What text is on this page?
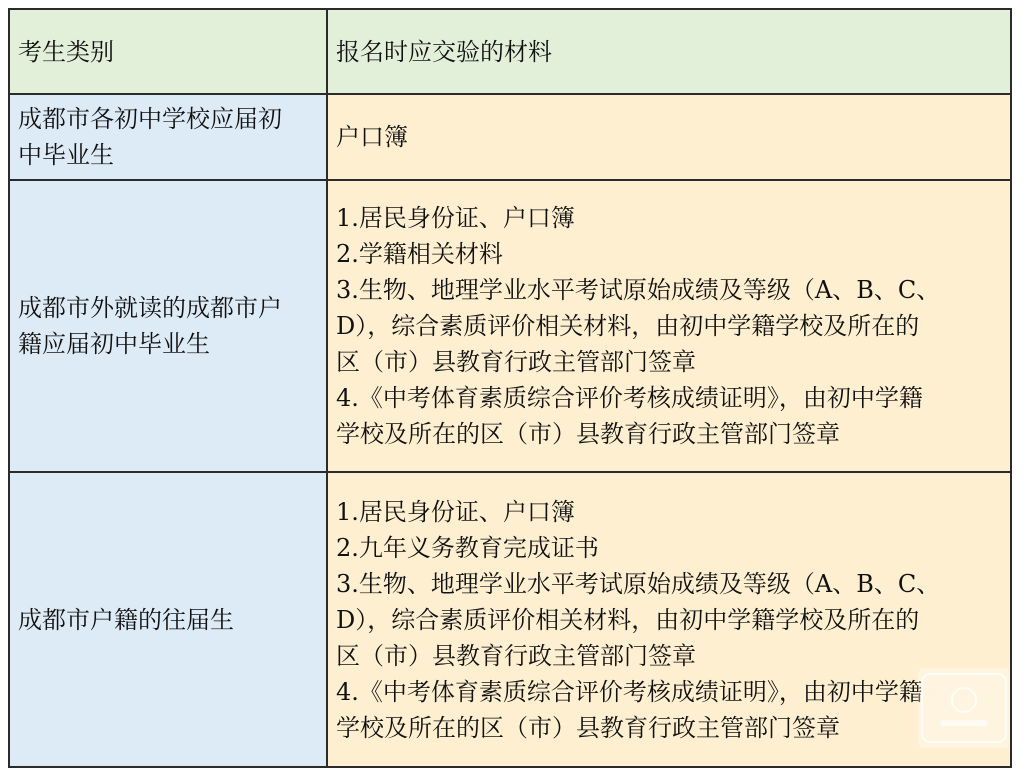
考生类别	报名时应交验的材料
成都市各初中学校应届初
中毕业生
户口簿
成都市外就读的成都市户
籍应届初中毕业生
1.居民身份证、户口簿
2.学籍相关材料
3.生物、地理学业水平考试原始成绩及等级（A、B、C、
D），综合素质评价相关材料，由初中学籍学校及所在的
区（市）县教育行政主管部门签章
4.《中考体育素质综合评价考核成绩证明》，由初中学籍
学校及所在的区（市）县教育行政主管部门签章
成都市户籍的往届生
1.居民身份证、户口簿
2.九年义务教育完成证书
3.生物、地理学业水平考试原始成绩及等级（A、B、C、
D），综合素质评价相关材料，由初中学籍学校及所在的
区（市）县教育行政主管部门签章
4.《中考体育素质综合评价考核成绩证明》，由初中学籍
学校及所在的区（市）县教育行政主管部门签章
